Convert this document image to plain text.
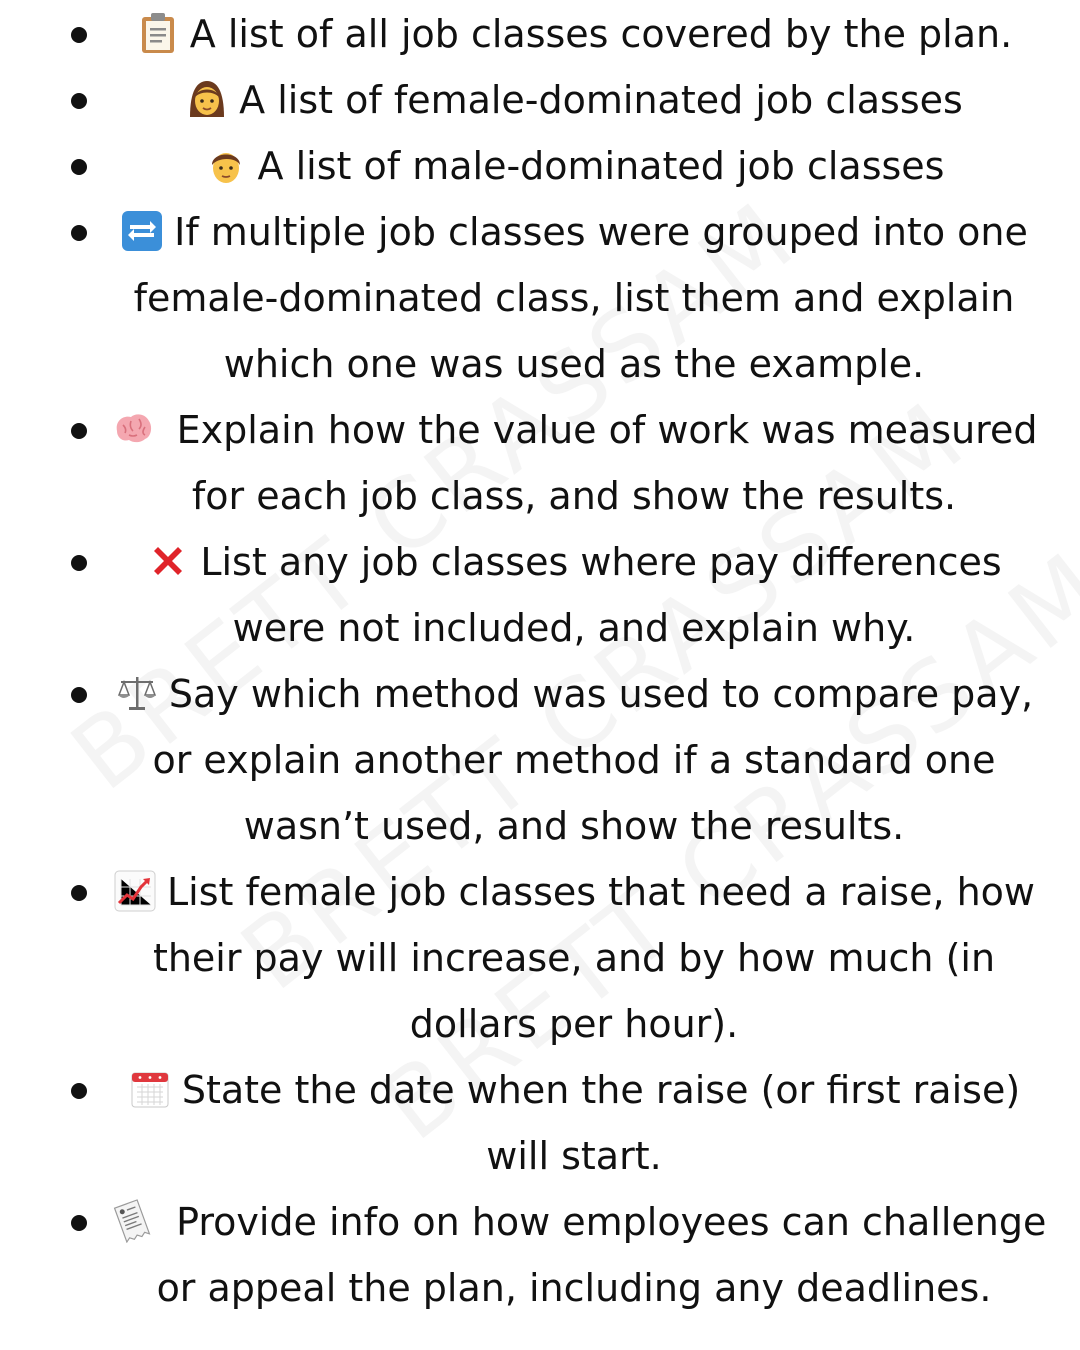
A list of all job classes covered by the plan.
A list of female-dominated job classes
A list of male-dominated job classes
If multiple job classes were grouped into one
female-dominated class, list them and explain
which one was used as the example.
Explain how the value of work was measured
for each job class, and show the results.
List any job classes where pay differences
were not included, and explain why.
Say which method was used to compare pay,
or explain another method if a standard one
wasn’t used, and show the results.
List female job classes that need a raise, how
their pay will increase, and by how much (in
dollars per hour).
State the date when the raise (or first raise)
will start.
Provide info on how employees can challenge
or appeal the plan, including any deadlines.
